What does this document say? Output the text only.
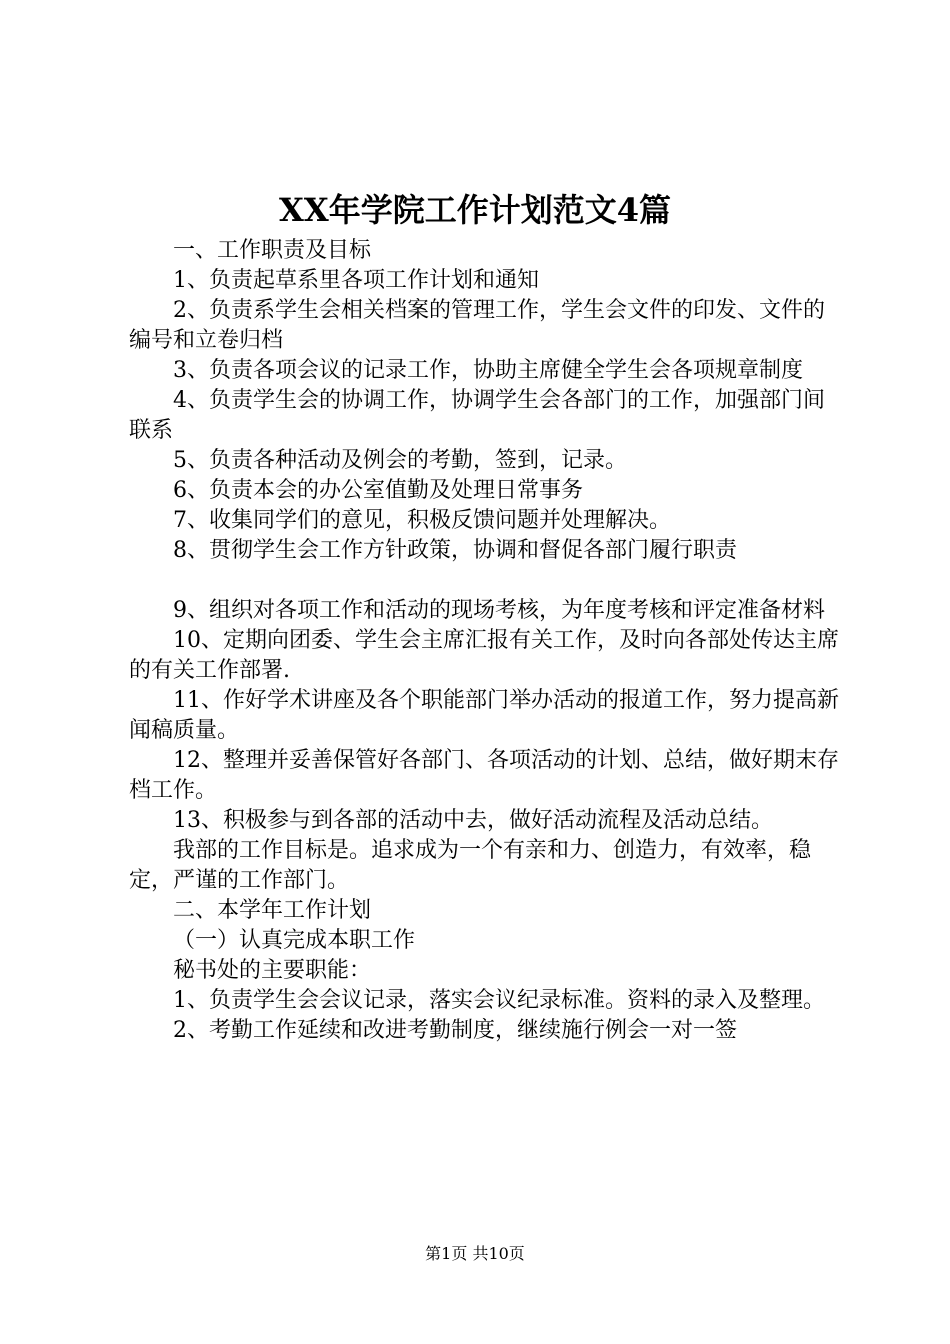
XX年学院工作计划范文4篇

一、工作职责及目标

1、负责起草系里各项工作计划和通知

2、负责系学生会相关档案的管理工作，学生会文件的印发、文件的编号和立卷归档

3、负责各项会议的记录工作，协助主席健全学生会各项规章制度

4、负责学生会的协调工作，协调学生会各部门的工作，加强部门间联系

5、负责各种活动及例会的考勤，签到，记录。

6、负责本会的办公室值勤及处理日常事务

7、收集同学们的意见，积极反馈问题并处理解决。

8、贯彻学生会工作方针政策，协调和督促各部门履行职责

9、组织对各项工作和活动的现场考核，为年度考核和评定准备材料

10、定期向团委、学生会主席汇报有关工作，及时向各部处传达主席的有关工作部署.

11、作好学术讲座及各个职能部门举办活动的报道工作，努力提高新闻稿质量。

12、整理并妥善保管好各部门、各项活动的计划、总结，做好期末存档工作。

13、积极参与到各部的活动中去，做好活动流程及活动总结。

我部的工作目标是。追求成为一个有亲和力、创造力，有效率，稳定，严谨的工作部门。

二、本学年工作计划

（一）认真完成本职工作

秘书处的主要职能：

1、负责学生会会议记录，落实会议纪录标准。资料的录入及整理。

2、考勤工作延续和改进考勤制度，继续施行例会一对一签

第1页 共10页
